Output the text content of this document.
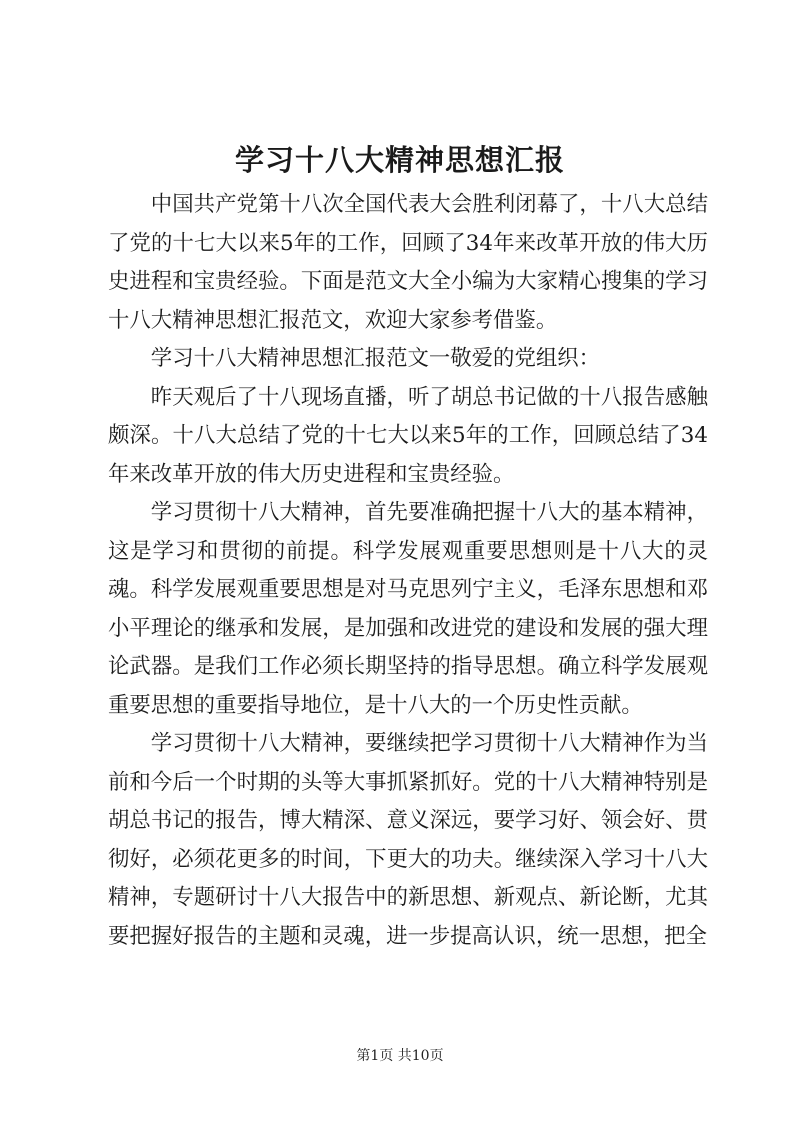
学习十八大精神思想汇报

中国共产党第十八次全国代表大会胜利闭幕了，十八大总结了党的十七大以来5年的工作，回顾了34年来改革开放的伟大历史进程和宝贵经验。下面是范文大全小编为大家精心搜集的学习十八大精神思想汇报范文，欢迎大家参考借鉴。

学习十八大精神思想汇报范文一敬爱的党组织：

昨天观后了十八现场直播，听了胡总书记做的十八报告感触颇深。十八大总结了党的十七大以来5年的工作，回顾总结了34年来改革开放的伟大历史进程和宝贵经验。

学习贯彻十八大精神，首先要准确把握十八大的基本精神，这是学习和贯彻的前提。科学发展观重要思想则是十八大的灵魂。科学发展观重要思想是对马克思列宁主义，毛泽东思想和邓小平理论的继承和发展，是加强和改进党的建设和发展的强大理论武器。是我们工作必须长期坚持的指导思想。确立科学发展观重要思想的重要指导地位，是十八大的一个历史性贡献。

学习贯彻十八大精神，要继续把学习贯彻十八大精神作为当前和今后一个时期的头等大事抓紧抓好。党的十八大精神特别是胡总书记的报告，博大精深、意义深远，要学习好、领会好、贯彻好，必须花更多的时间，下更大的功夫。继续深入学习十八大精神，专题研讨十八大报告中的新思想、新观点、新论断，尤其要把握好报告的主题和灵魂，进一步提高认识，统一思想，把全

第1页 共10页
